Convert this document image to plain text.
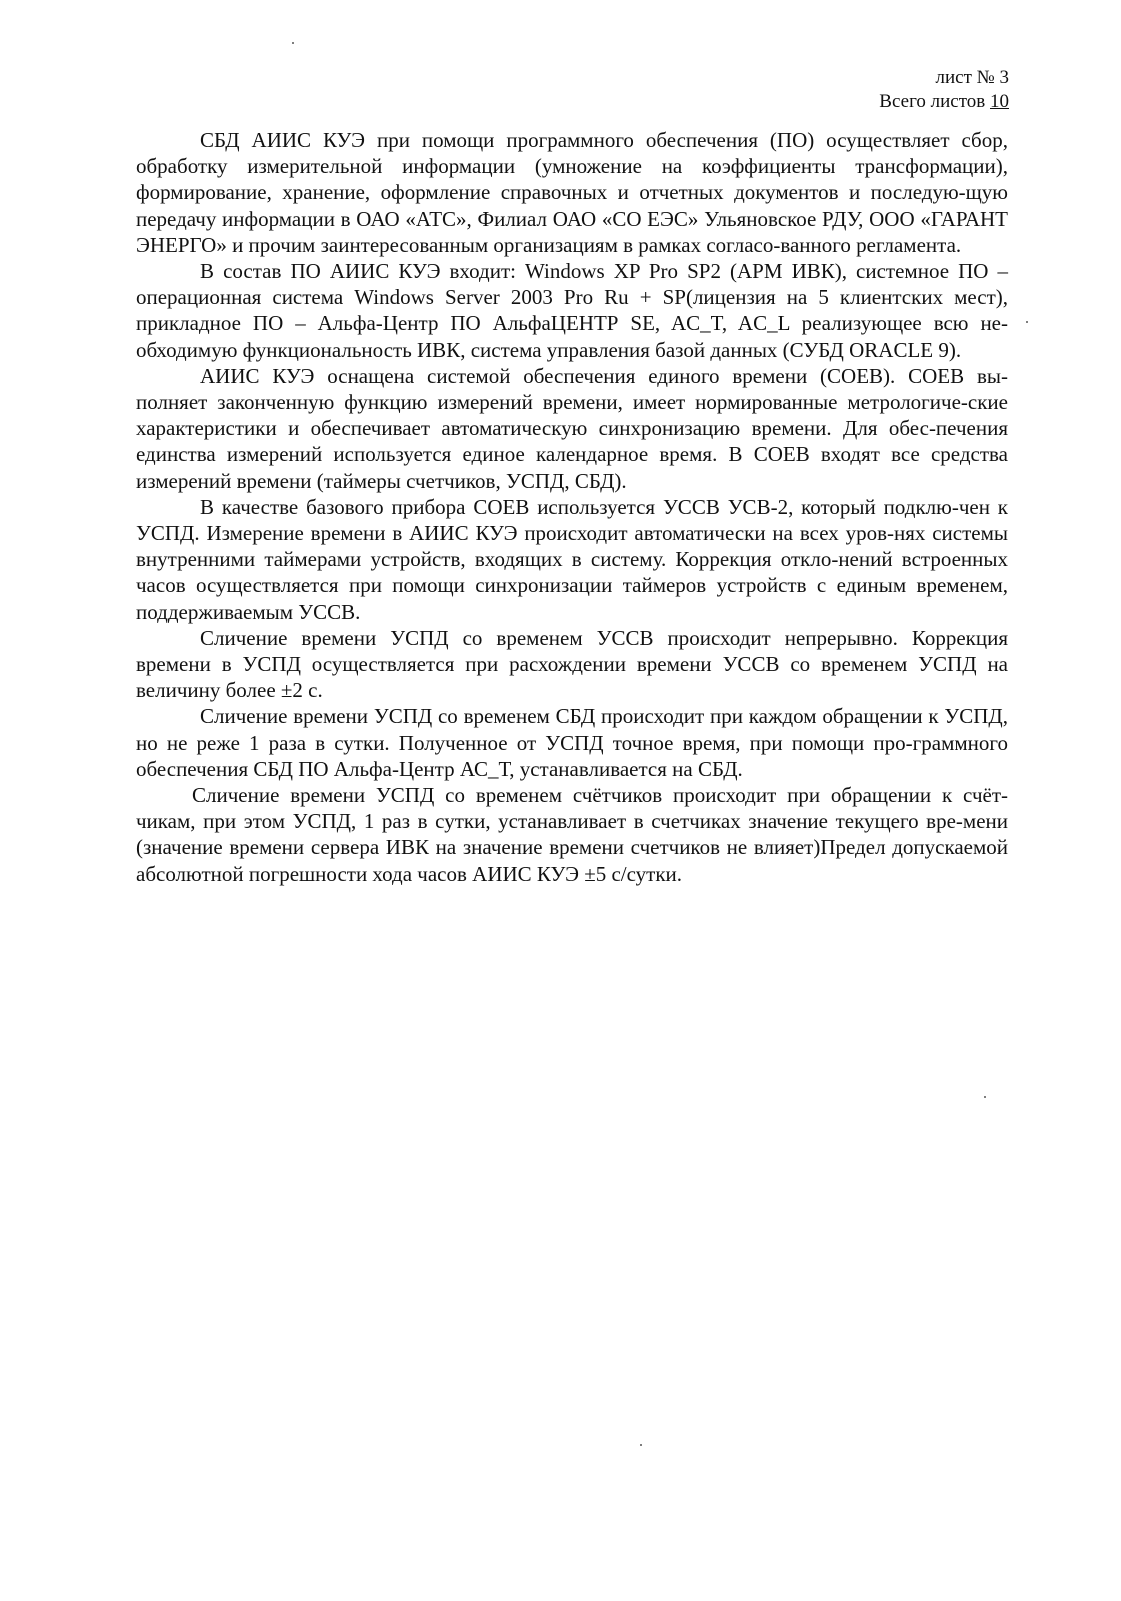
лист № 3
Всего листов 10

СБД АИИС КУЭ при помощи программного обеспечения (ПО) осуществляет сбор, обработку измерительной информации (умножение на коэффициенты трансформации), формирование, хранение, оформление справочных и отчетных документов и последую-щую передачу информации в ОАО «АТС», Филиал ОАО «СО ЕЭС» Ульяновское РДУ, ООО «ГАРАНТ ЭНЕРГО» и прочим заинтересованным организациям в рамках согласо-ванного регламента.

В состав ПО АИИС КУЭ входит: Windows XP Pro SP2 (АРМ ИВК), системное ПО – операционная система Windows Server 2003 Pro Ru + SP(лицензия на 5 клиентских мест), прикладное ПО – Альфа-Центр ПО АльфаЦЕНТР SE, AC_T, AC_L реализующее всю не-обходимую функциональность ИВК, система управления базой данных (СУБД ORACLE 9).

АИИС КУЭ оснащена системой обеспечения единого времени (СОЕВ). СОЕВ вы-полняет законченную функцию измерений времени, имеет нормированные метрологиче-ские характеристики и обеспечивает автоматическую синхронизацию времени. Для обес-печения единства измерений используется единое календарное время. В СОЕВ входят все средства измерений времени (таймеры счетчиков, УСПД, СБД).

В качестве базового прибора СОЕВ используется УССВ УСВ-2, который подклю-чен к УСПД. Измерение времени в АИИС КУЭ происходит автоматически на всех уров-нях системы внутренними таймерами устройств, входящих в систему. Коррекция откло-нений встроенных часов осуществляется при помощи синхронизации таймеров устройств с единым временем, поддерживаемым УССВ.

Сличение времени УСПД со временем УССВ происходит непрерывно. Коррекция времени в УСПД осуществляется при расхождении времени УССВ со временем УСПД на величину более ±2 с.

Сличение времени УСПД со временем СБД происходит при каждом обращении к УСПД, но не реже 1 раза в сутки. Полученное от УСПД точное время, при помощи про-граммного обеспечения СБД ПО Альфа-Центр АС_Т, устанавливается на СБД.

Сличение времени УСПД со временем счётчиков происходит при обращении к счёт-чикам, при этом УСПД, 1 раз в сутки, устанавливает в счетчиках значение текущего вре-мени (значение времени сервера ИВК на значение времени счетчиков не влияет)Предел допускаемой абсолютной погрешности хода часов АИИС КУЭ ±5 с/сутки.
